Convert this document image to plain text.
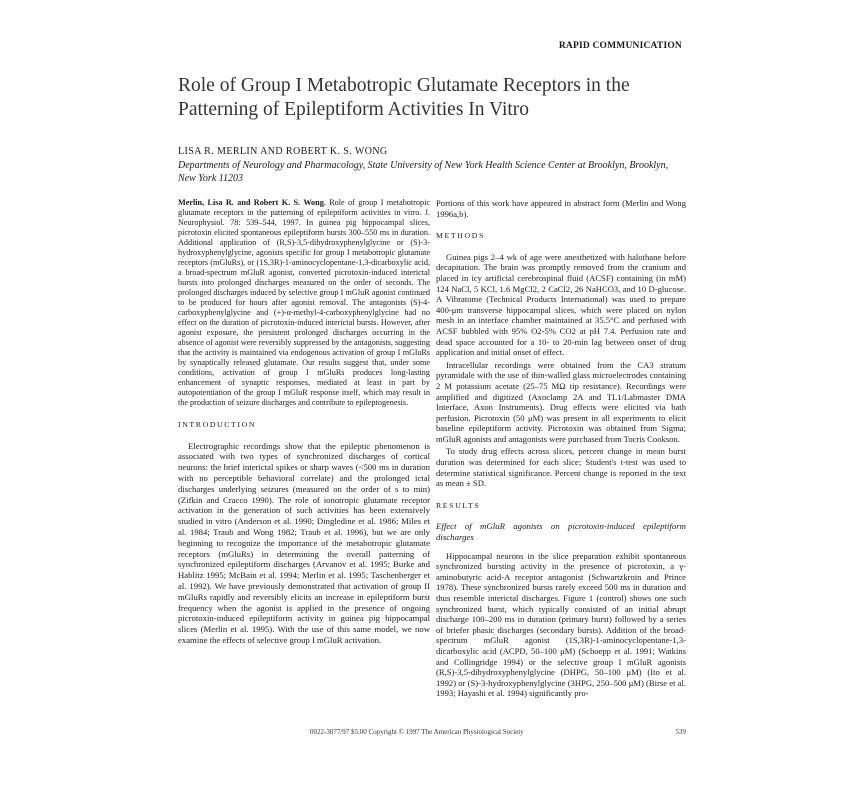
RAPID COMMUNICATION
Role of Group I Metabotropic Glutamate Receptors in the Patterning of Epileptiform Activities In Vitro
LISA R. MERLIN AND ROBERT K. S. WONG
Departments of Neurology and Pharmacology, State University of New York Health Science Center at Brooklyn, Brooklyn, New York 11203
Merlin, Lisa R. and Robert K. S. Wong. Role of group I metabotropic glutamate receptors in the patterning of epileptiform activities in vitro. J. Neurophysiol. 78: 539–544, 1997. In guinea pig hippocampal slices, picrotoxin elicited spontaneous epileptiform bursts 300–550 ms in duration. Additional application of (R,S)-3,5-dihydroxyphenylglycine or (S)-3-hydroxyphenylglycine, agonists specific for group I metabotropic glutamate receptors (mGluRs), or (1S,3R)-1-aminocyclopentane-1,3-dicarboxylic acid, a broad-spectrum mGluR agonist, converted picrotoxin-induced interictal bursts into prolonged discharges measured on the order of seconds. The prolonged discharges induced by selective group I mGluR agonist continued to be produced for hours after agonist removal. The antagonists (S)-4-carboxyphenylglycine and (+)-α-methyl-4-carboxyphenylglycine had no effect on the duration of picrotoxin-induced interictal bursts. However, after agonist exposure, the persistent prolonged discharges occurring in the absence of agonist were reversibly suppressed by the antagonists, suggesting that the activity is maintained via endogenous activation of group I mGluRs by synaptically released glutamate. Our results suggest that, under some conditions, activation of group I mGluRs produces long-lasting enhancement of synaptic responses, mediated at least in part by autopotentiation of the group I mGluR response itself, which may result in the production of seizure discharges and contribute to epileptogenesis.
INTRODUCTION

Electrographic recordings show that the epileptic phenomenon is associated with two types of synchronized discharges of cortical neurons: the brief interictal spikes or sharp waves (<500 ms in duration with no perceptible behavioral correlate) and the prolonged ictal discharges underlying seizures (measured on the order of s to min) (Zifkin and Cracco 1990). The role of ionotropic glutamate receptor activation in the generation of such activities has been extensively studied in vitro (Anderson et al. 1990; Dingledine et al. 1986; Miles et al. 1984; Traub and Wong 1982; Traub et al. 1996), but we are only beginning to recognize the importance of the metabotropic glutamate receptors (mGluRs) in determining the overall patterning of synchronized epileptiform discharges (Arvanov et al. 1995; Burke and Hablitz 1995; McBain et al. 1994; Merlin et al. 1995; Taschenberger et al. 1992). We have previously demonstrated that activation of group II mGluRs rapidly and reversibly elicits an increase in epileptiform burst frequency when the agonist is applied in the presence of ongoing picrotoxin-induced epileptiform activity in guinea pig hippocampal slices (Merlin et al. 1995). With the use of this same model, we now examine the effects of selective group I mGluR activation.

Portions of this work have appeared in abstract form (Merlin and Wong 1996a,b).

METHODS

Guinea pigs 2–4 wk of age were anesthetized with halothane before decapitation. The brain was promptly removed from the cranium and placed in icy artificial cerebrospinal fluid (ACSF) containing (in mM) 124 NaCl, 5 KCl, 1.6 MgCl2, 2 CaCl2, 26 NaHCO3, and 10 D-glucose. A Vibratome (Technical Products International) was used to prepare 400-μm transverse hippocampal slices, which were placed on nylon mesh in an interface chamber maintained at 35.5°C and perfused with ACSF bubbled with 95% O2-5% CO2 at pH 7.4. Perfusion rate and dead space accounted for a 10- to 20-min lag between onset of drug application and initial onset of effect.

Intracellular recordings were obtained from the CA3 stratum pyramidale with the use of thin-walled glass microelectrodes containing 2 M potassium acetate (25–75 MΩ tip resistance). Recordings were amplified and digitized (Axoclamp 2A and TL1/Labmaster DMA Interface, Axon Instruments). Drug effects were elicited via bath perfusion. Picrotoxin (50 μM) was present in all experiments to elicit baseline epileptiform activity. Picrotoxin was obtained from Sigma; mGluR agonists and antagonists were purchased from Tocris Cookson.

To study drug effects across slices, percent change in mean burst duration was determined for each slice; Student's t-test was used to determine statistical significance. Percent change is reported in the text as mean ± SD.

RESULTS
Effect of mGluR agonists on picrotoxin-induced epileptiform discharges

Hippocampal neurons in the slice preparation exhibit spontaneous synchronized bursting activity in the presence of picrotoxin, a γ-aminobutyric acid-A receptor antagonist (Schwartzkroin and Prince 1978). These synchronized bursts rarely exceed 500 ms in duration and thus resemble interictal discharges. Figure 1 (control) shows one such synchronized burst, which typically consisted of an initial abrupt discharge 100–200 ms in duration (primary burst) followed by a series of briefer phasic discharges (secondary bursts). Addition of the broad-spectrum mGluR agonist (1S,3R)-1-aminocyclopentane-1,3-dicarboxylic acid (ACPD, 50–100 μM) (Schoepp et al. 1991; Watkins and Collingridge 1994) or the selective group I mGluR agonists (R,S)-3,5-dihydroxyphenylglycine (DHPG, 50–100 μM) (Ito et al. 1992) or (S)-3-hydroxyphenylglycine (3HPG, 250–500 μM) (Birse et al. 1993; Hayashi et al. 1994) significantly pro-

0022-3077/97 $5.00 Copyright © 1997 The American Physiological Society	539
